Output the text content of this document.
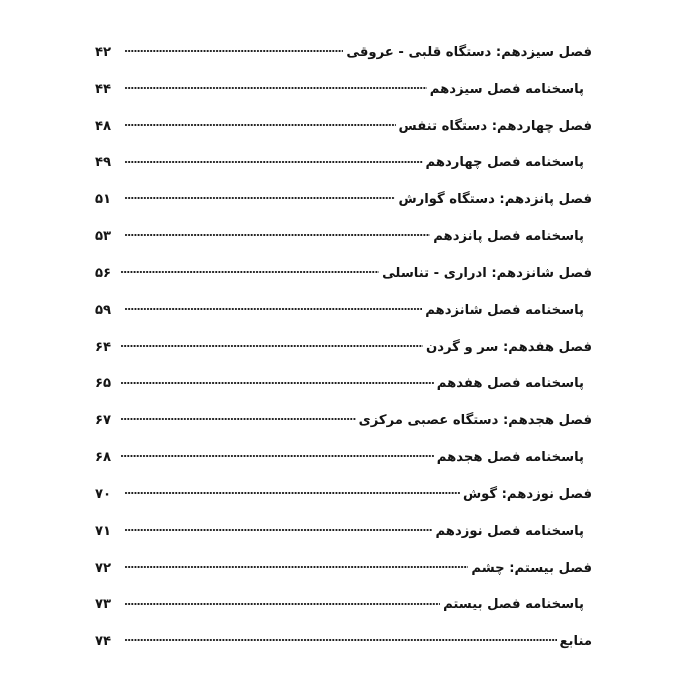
فصل سیزدهم: دستگاه قلبی - عروقی
۴۲
پاسخنامه فصل سیزدهم
۴۴
فصل چهاردهم: دستگاه تنفس
۴۸
پاسخنامه فصل چهاردهم
۴۹
فصل پانزدهم: دستگاه گوارش
۵۱
پاسخنامه فصل پانزدهم
۵۳
فصل شانزدهم: ادراری - تناسلی
۵۶
پاسخنامه فصل شانزدهم
۵۹
فصل هفدهم: سر و گردن
۶۴
پاسخنامه فصل هفدهم
۶۵
فصل هجدهم: دستگاه عصبی مرکزی
۶۷
پاسخنامه فصل هجدهم
۶۸
فصل نوزدهم: گوش
۷۰
پاسخنامه فصل نوزدهم
۷۱
فصل بیستم: چشم
۷۲
پاسخنامه فصل بیستم
۷۳
منابع
۷۴
